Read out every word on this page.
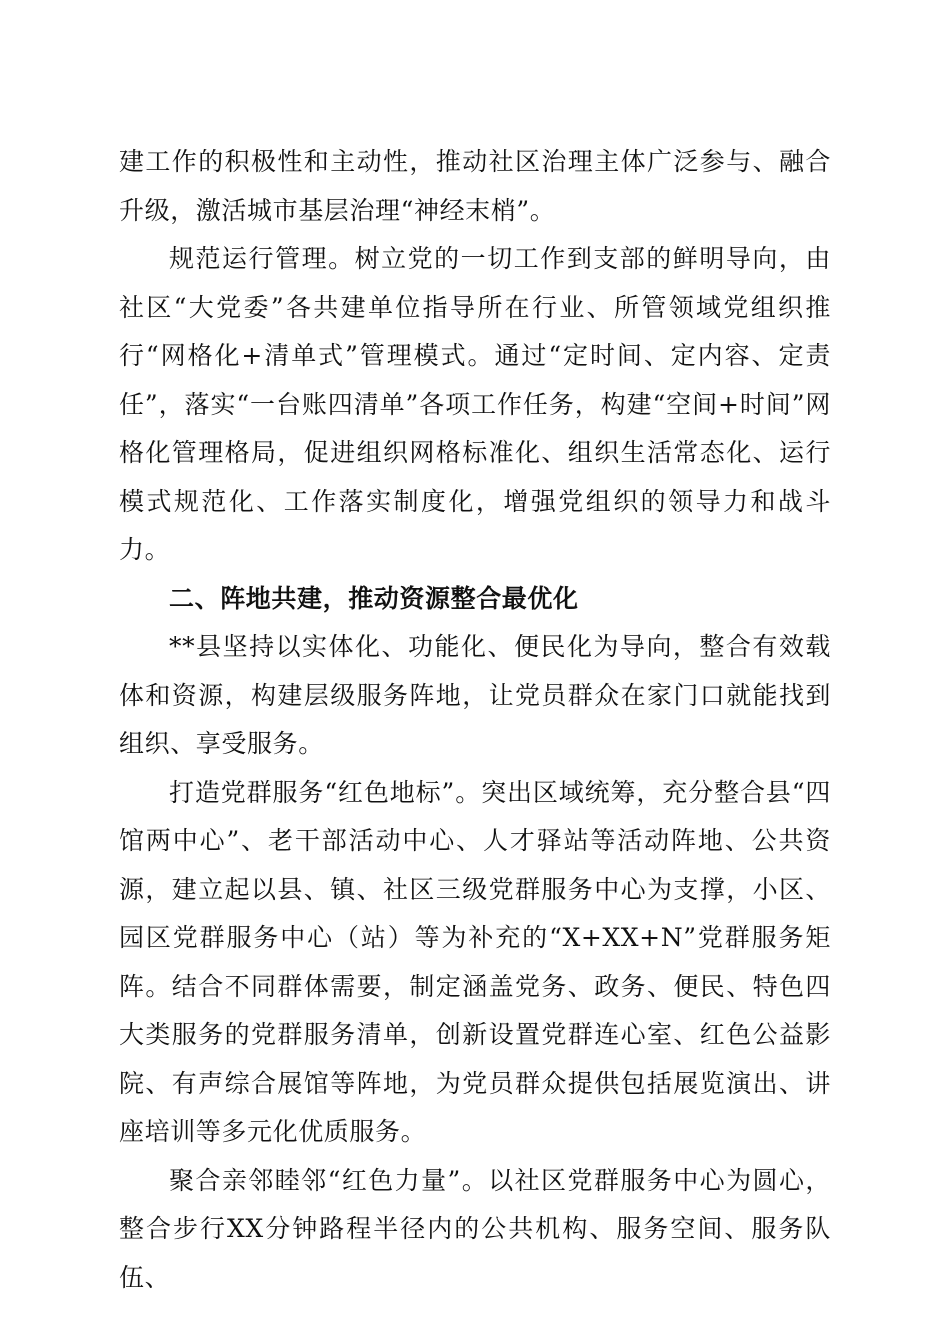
建工作的积极性和主动性，推动社区治理主体广泛参与、融合升级，激活城市基层治理“神经末梢”。

规范运行管理。树立党的一切工作到支部的鲜明导向，由社区“大党委”各共建单位指导所在行业、所管领域党组织推行“网格化+清单式”管理模式。通过“定时间、定内容、定责任”，落实“一台账四清单”各项工作任务，构建“空间+时间”网格化管理格局，促进组织网格标准化、组织生活常态化、运行模式规范化、工作落实制度化，增强党组织的领导力和战斗力。

二、阵地共建，推动资源整合最优化

**县坚持以实体化、功能化、便民化为导向，整合有效载体和资源，构建层级服务阵地，让党员群众在家门口就能找到组织、享受服务。

打造党群服务“红色地标”。突出区域统筹，充分整合县“四馆两中心”、老干部活动中心、人才驿站等活动阵地、公共资源，建立起以县、镇、社区三级党群服务中心为支撑，小区、园区党群服务中心（站）等为补充的“X+XX+N”党群服务矩阵。结合不同群体需要，制定涵盖党务、政务、便民、特色四大类服务的党群服务清单，创新设置党群连心室、红色公益影院、有声综合展馆等阵地，为党员群众提供包括展览演出、讲座培训等多元化优质服务。

聚合亲邻睦邻“红色力量”。以社区党群服务中心为圆心，整合步行XX分钟路程半径内的公共机构、服务空间、服务队伍、
